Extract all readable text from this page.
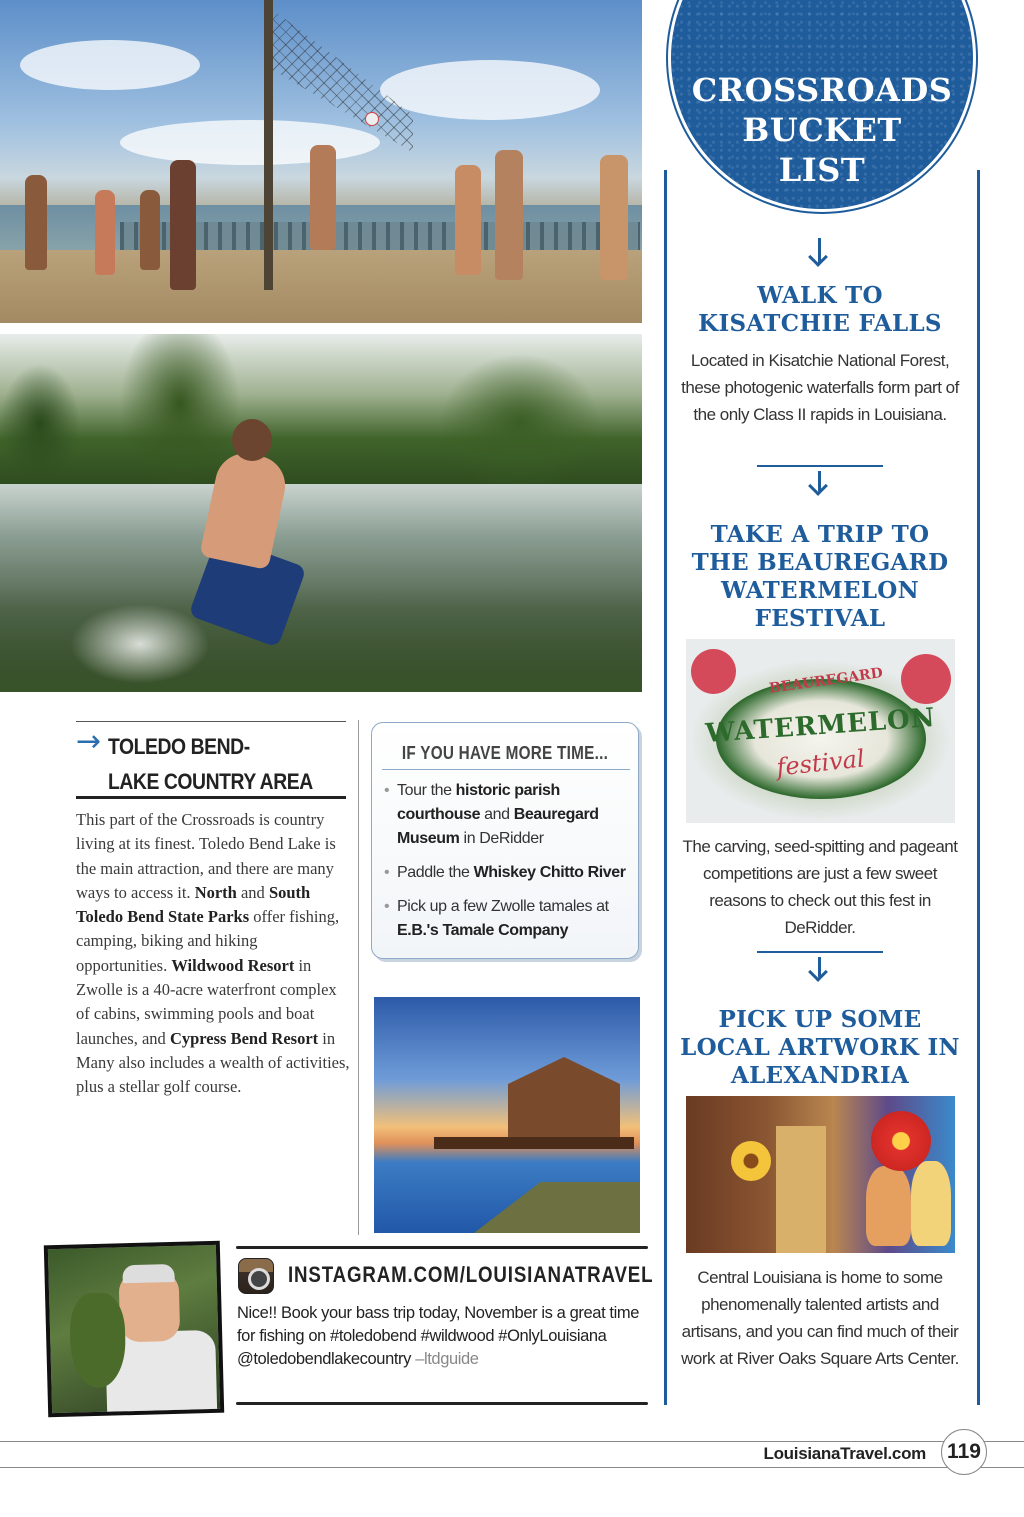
→ TOLEDO BEND-
LAKE COUNTRY AREA
This part of the Crossroads is country living at its finest. Toledo Bend Lake is the main attraction, and there are many ways to access it. North and South Toledo Bend State Parks offer fishing, camping, biking and hiking opportunities. Wildwood Resort in Zwolle is a 40-acre waterfront complex of cabins, swimming pools and boat launches, and Cypress Bend Resort in Many also includes a wealth of activities, plus a stellar golf course.
IF YOU HAVE MORE TIME...
• Tour the historic parish courthouse and Beauregard Museum in DeRidder
• Paddle the Whiskey Chitto River
• Pick up a few Zwolle tamales at E.B.'s Tamale Company
INSTAGRAM.COM/LOUISIANATRAVEL
Nice!! Book your bass trip today, November is a great time for fishing on #toledobend #wildwood #OnlyLouisiana @toledobendlakecountry –ltdguide
CROSSROADS
BUCKET
LIST
WALK TO KISATCHIE FALLS
Located in Kisatchie National Forest, these photogenic waterfalls form part of the only Class II rapids in Louisiana.
TAKE A TRIP TO THE BEAUREGARD WATERMELON FESTIVAL
BEAUREGARD
WATERMELON
festival
The carving, seed-spitting and pageant competitions are just a few sweet reasons to check out this fest in DeRidder.
PICK UP SOME LOCAL ARTWORK IN ALEXANDRIA
Central Louisiana is home to some phenomenally talented artists and artisans, and you can find much of their work at River Oaks Square Arts Center.
LouisianaTravel.com 119
